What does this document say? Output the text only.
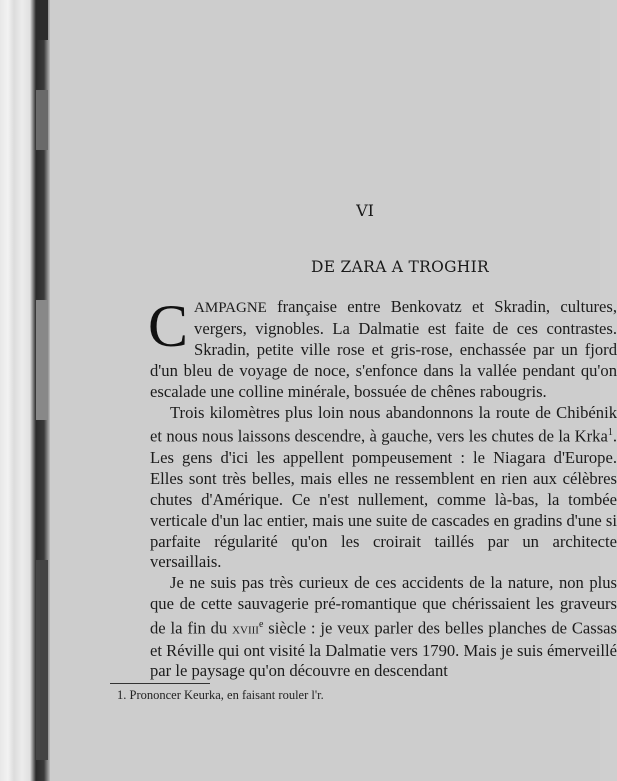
VI
DE ZARA A TROGHIR

CAMPAGNE française entre Benkovatz et Skradin, cultures, vergers, vignobles. La Dalmatie est faite de ces contrastes. Skradin, petite ville rose et gris-rose, enchassée par un fjord d'un bleu de voyage de noce, s'enfonce dans la vallée pendant qu'on escalade une colline minérale, bossuée de chênes rabougris.

Trois kilomètres plus loin nous abandonnons la route de Chibénik et nous nous laissons descendre, à gauche, vers les chutes de la Krka$^1$. Les gens d'ici les appellent pompeusement : le Niagara d'Europe. Elles sont très belles, mais elles ne ressemblent en rien aux célèbres chutes d'Amérique. Ce n'est nullement, comme là-bas, la tombée verticale d'un lac entier, mais une suite de cascades en gradins d'une si parfaite régularité qu'on les croirait taillés par un architecte versaillais.

Je ne suis pas très curieux de ces accidents de la nature, non plus que de cette sauvagerie pré-romantique que chérissaient les graveurs de la fin du xviii$^e$ siècle : je veux parler des belles planches de Cassas et Réville qui ont visité la Dalmatie vers 1790. Mais je suis émerveillé par le paysage qu'on découvre en descendant

1. Prononcer Keurka, en faisant rouler l'r.
